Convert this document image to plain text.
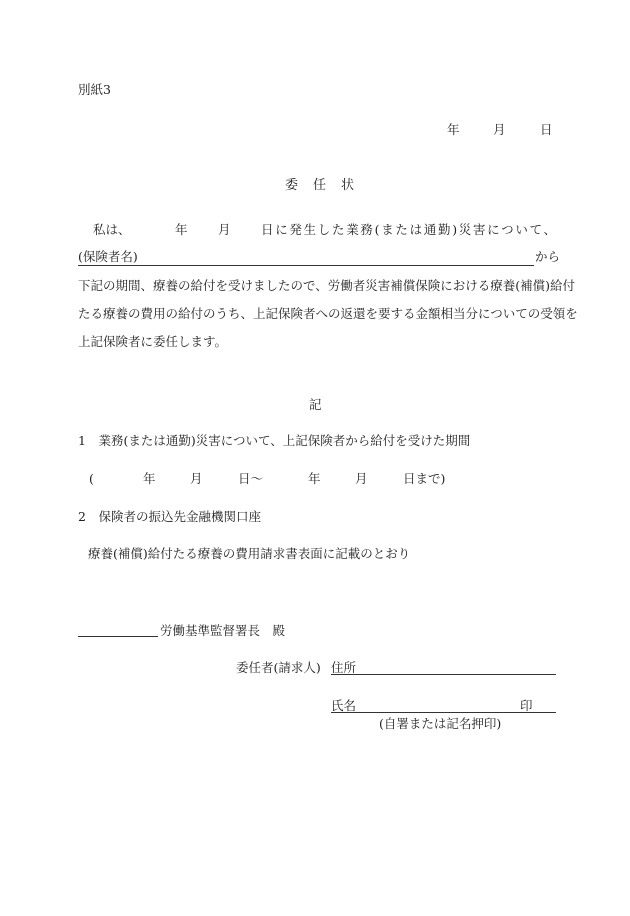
別紙3
年	月	日
委　任　状
私は、	年 月 日に発生した業務(または通勤)災害について、
(保険者名)	から
下記の期間、療養の給付を受けましたので、労働者災害補償保険における療養(補償)給付
たる療養の費用の給付のうち、上記保険者への返還を要する金額相当分についての受領を
上記保険者に委任します。
記
1　業務(または通勤)災害について、上記保険者から給付を受けた期間
(	年	月	日～	年	月	日まで)
2　保険者の振込先金融機関口座
療養(補償)給付たる療養の費用請求書表面に記載のとおり
労働基準監督署長　殿
委任者(請求人) 住所
氏名	印
(自署または記名押印)
